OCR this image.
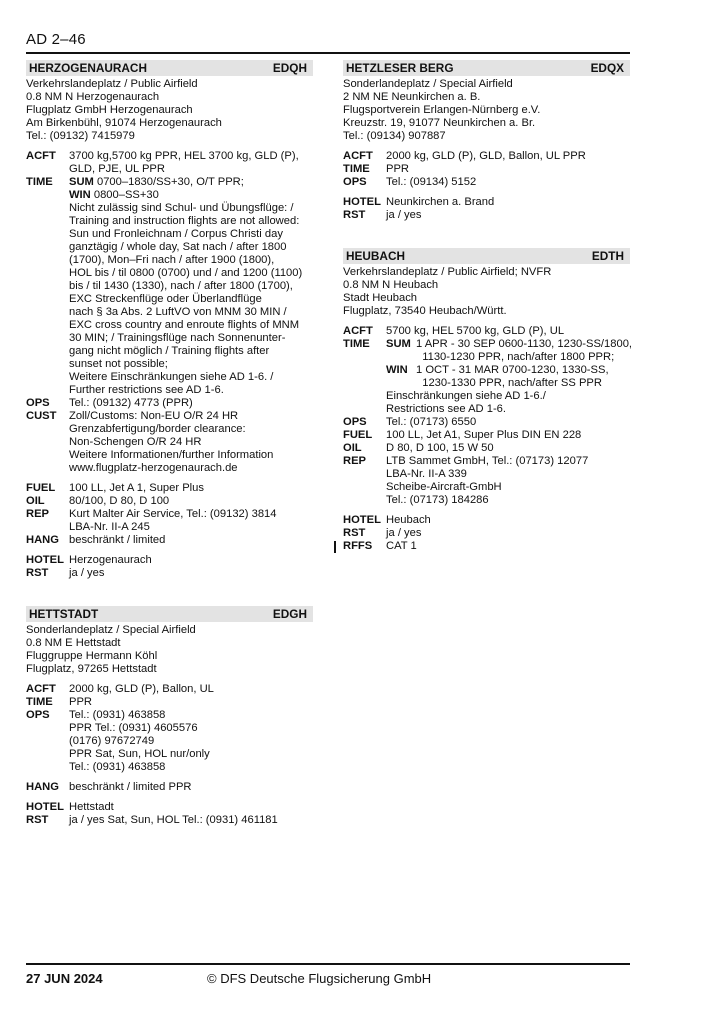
AD 2–46
HERZOGENAURACH	EDQH
Verkehrslandeplatz / Public Airfield
0.8 NM N Herzogenaurach
Flugplatz GmbH Herzogenaurach
Am Birkenbühl, 91074 Herzogenaurach
Tel.: (09132) 7415979
ACFT	3700 kg,5700 kg PPR, HEL 3700 kg, GLD (P),
GLD, PJE, UL PPR
TIME	SUM 0700–1830/SS+30, O/T PPR;
WIN 0800–SS+30
Nicht zulässig sind Schul- und Übungsflüge: /
Training and instruction flights are not allowed:
Sun und Fronleichnam / Corpus Christi day
ganztägig / whole day, Sat nach / after 1800
(1700), Mon–Fri nach / after 1900 (1800),
HOL bis / til 0800 (0700) und / and 1200 (1100)
bis / til 1430 (1330), nach / after 1800 (1700),
EXC Streckenflüge oder Überlandflüge
nach § 3a Abs. 2 LuftVO von MNM 30 MIN /
EXC cross country and enroute flights of MNM
30 MIN; / Trainingsflüge nach Sonnenunter-
gang nicht möglich / Training flights after
sunset not possible;
Weitere Einschränkungen siehe AD 1-6. /
Further restrictions see AD 1-6.
OPS	Tel.: (09132) 4773 (PPR)
CUST	Zoll/Customs: Non-EU O/R 24 HR
Grenzabfertigung/border clearance:
Non-Schengen O/R 24 HR
Weitere Informationen/further Information
www.flugplatz-herzogenaurach.de
FUEL	100 LL, Jet A 1, Super Plus
OIL	80/100, D 80, D 100
REP	Kurt Malter Air Service, Tel.: (09132) 3814
LBA-Nr. II-A 245
HANG beschränkt / limited
HOTEL Herzogenaurach
RST	ja / yes
HETTSTADT	EDGH
Sonderlandeplatz / Special Airfield
0.8 NM E Hettstadt
Fluggruppe Hermann Köhl
Flugplatz, 97265 Hettstadt
ACFT	2000 kg, GLD (P), Ballon, UL
TIME	PPR
OPS	Tel.: (0931) 463858
PPR Tel.: (0931) 4605576
(0176) 97672749
PPR Sat, Sun, HOL nur/only
Tel.: (0931) 463858
HANG beschränkt / limited PPR
HOTEL Hettstadt
RST	ja / yes Sat, Sun, HOL Tel.: (0931) 461181
HETZLESER BERG	EDQX
Sonderlandeplatz / Special Airfield
2 NM NE Neunkirchen a. B.
Flugsportverein Erlangen-Nürnberg e.V.
Kreuzstr. 19, 91077 Neunkirchen a. Br.
Tel.: (09134) 907887
ACFT	2000 kg, GLD (P), GLD, Ballon, UL PPR
TIME	PPR
OPS	Tel.: (09134) 5152
HOTEL Neunkirchen a. Brand
RST	ja / yes
HEUBACH	EDTH
Verkehrslandeplatz / Public Airfield; NVFR
0.8 NM N Heubach
Stadt Heubach
Flugplatz, 73540 Heubach/Württ.
ACFT	5700 kg, HEL 5700 kg, GLD (P), UL
TIME	SUM 1 APR - 30 SEP 0600-1130, 1230-SS/1800,
1130-1230 PPR, nach/after 1800 PPR;
WIN 1 OCT - 31 MAR 0700-1230, 1330-SS,
1230-1330 PPR, nach/after SS PPR
Einschränkungen siehe AD 1-6./
Restrictions see AD 1-6.
OPS	Tel.: (07173) 6550
FUEL	100 LL, Jet A1, Super Plus DIN EN 228
OIL	D 80, D 100, 15 W 50
REP	LTB Sammet GmbH, Tel.: (07173) 12077
LBA-Nr. II-A 339
Scheibe-Aircraft-GmbH
Tel.: (07173) 184286
HOTEL Heubach
RST	ja / yes
RFFS	CAT 1
27 JUN 2024	© DFS Deutsche Flugsicherung GmbH
